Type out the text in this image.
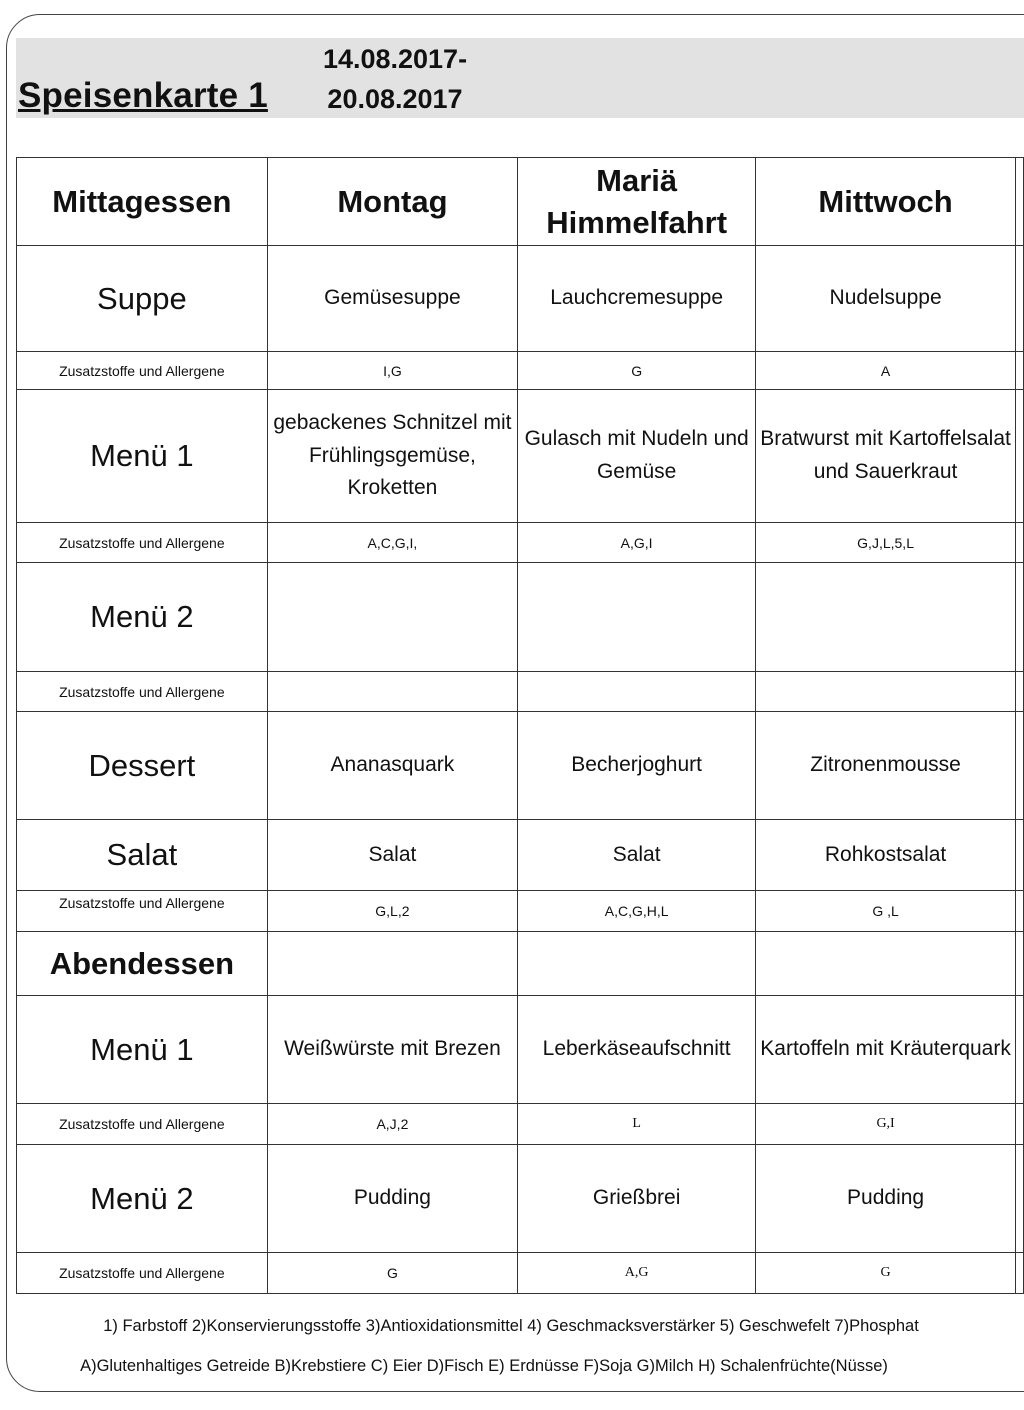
Speisenkarte 1
14.08.2017-
20.08.2017
Mittagessen	Montag	Mariä Himmelfahrt	Mittwoch	
Suppe	Gemüsesuppe	Lauchcremesuppe	Nudelsuppe	
Zusatzstoffe und Allergene	I,G	G	A	
Menü 1	gebackenes Schnitzel mit Frühlingsgemüse, Kroketten	Gulasch mit Nudeln und Gemüse	Bratwurst mit Kartoffelsalat und Sauerkraut	
Zusatzstoffe und Allergene	A,C,G,I,	A,G,I	G,J,L,5,L	
Menü 2				
Zusatzstoffe und Allergene				
Dessert	Ananasquark	Becherjoghurt	Zitronenmousse	
Salat	Salat	Salat	Rohkostsalat	
Zusatzstoffe und Allergene	G,L,2	A,C,G,H,L	G ,L	
Abendessen				
Menü 1	Weißwürste mit Brezen	Leberkäseaufschnitt	Kartoffeln mit Kräuterquark	
Zusatzstoffe und Allergene	A,J,2	L	G,I	
Menü 2	Pudding	Grießbrei	Pudding	
Zusatzstoffe und Allergene	G	A,G	G	
1) Farbstoff 2)Konservierungsstoffe 3)Antioxidationsmittel 4) Geschmacksverstärker 5) Geschwefelt 7)Phosphat
A)Glutenhaltiges Getreide B)Krebstiere C) Eier D)Fisch E) Erdnüsse F)Soja G)Milch H) Schalenfrüchte(Nüsse)
